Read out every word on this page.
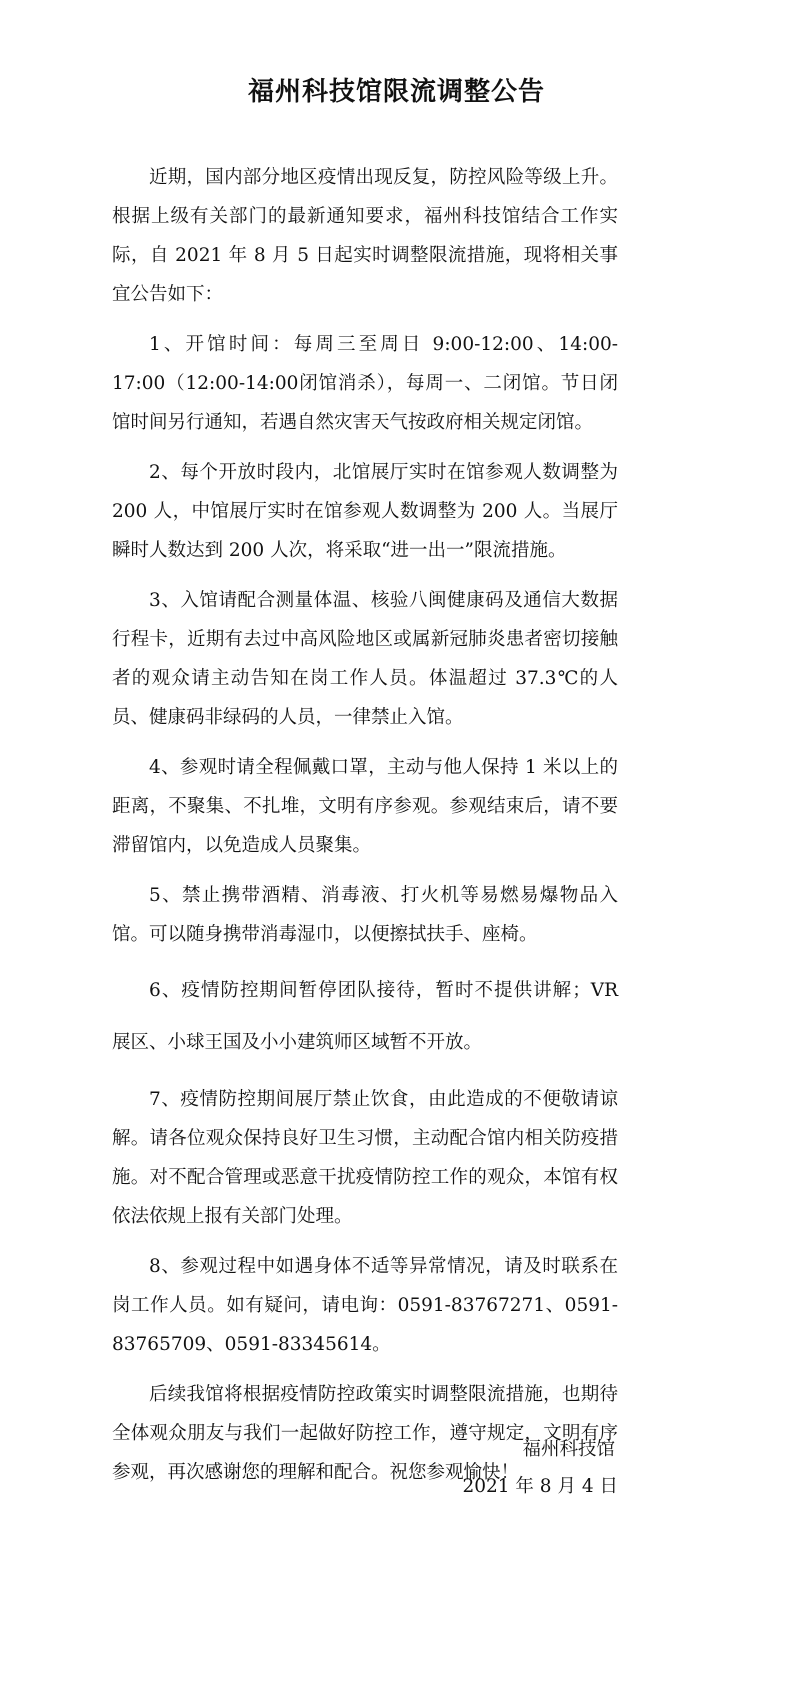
福州科技馆限流调整公告

近期，国内部分地区疫情出现反复，防控风险等级上升。根据上级有关部门的最新通知要求，福州科技馆结合工作实际，自 2021 年 8 月 5 日起实时调整限流措施，现将相关事宜公告如下：

1、开馆时间：每周三至周日 9:00-12:00、14:00-17:00（12:00-14:00闭馆消杀），每周一、二闭馆。节日闭馆时间另行通知，若遇自然灾害天气按政府相关规定闭馆。

2、每个开放时段内，北馆展厅实时在馆参观人数调整为 200 人，中馆展厅实时在馆参观人数调整为 200 人。当展厅瞬时人数达到 200 人次，将采取“进一出一”限流措施。

3、入馆请配合测量体温、核验八闽健康码及通信大数据行程卡，近期有去过中高风险地区或属新冠肺炎患者密切接触者的观众请主动告知在岗工作人员。体温超过 37.3℃的人员、健康码非绿码的人员，一律禁止入馆。

4、参观时请全程佩戴口罩，主动与他人保持 1 米以上的距离，不聚集、不扎堆，文明有序参观。参观结束后，请不要滞留馆内，以免造成人员聚集。

5、禁止携带酒精、消毒液、打火机等易燃易爆物品入馆。可以随身携带消毒湿巾，以便擦拭扶手、座椅。

6、疫情防控期间暂停团队接待，暂时不提供讲解；VR 展区、小球王国及小小建筑师区域暂不开放。

7、疫情防控期间展厅禁止饮食，由此造成的不便敬请谅解。请各位观众保持良好卫生习惯，主动配合馆内相关防疫措施。对不配合管理或恶意干扰疫情防控工作的观众，本馆有权依法依规上报有关部门处理。

8、参观过程中如遇身体不适等异常情况，请及时联系在岗工作人员。如有疑问，请电询：0591-83767271、0591-83765709、0591-83345614。

后续我馆将根据疫情防控政策实时调整限流措施，也期待全体观众朋友与我们一起做好防控工作，遵守规定，文明有序参观，再次感谢您的理解和配合。祝您参观愉快！

福州科技馆
2021 年 8 月 4 日
